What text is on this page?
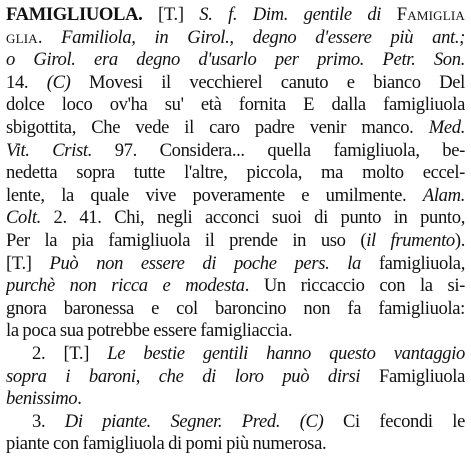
FAMIGLIUOLA. [T.] S. f. Dim. gentile di Famiglia
glia. Familiola, in Girol., degno d'essere più ant.;
o Girol. era degno d'usarlo per primo. Petr. Son.
14. (C) Movesi il vecchierel canuto e bianco Del
dolce loco ov'ha su' età fornita E dalla famigliuola
sbigottita, Che vede il caro padre venir manco. Med.
Vit. Crist. 97. Considera... quella famigliuola, be-
nedetta sopra tutte l'altre, piccola, ma molto eccel-
lente, la quale vive poveramente e umilmente. Alam.
Colt. 2. 41. Chi, negli acconci suoi di punto in punto,
Per la pia famigliuola il prende in uso (il frumento).
[T.] Può non essere di poche pers. la famigliuola,
purchè non ricca e modesta. Un riccaccio con la si-
gnora baronessa e col baroncino non fa famigliuola:
la poca sua potrebbe essere famigliaccia.
2. [T.] Le bestie gentili hanno questo vantaggio
sopra i baroni, che di loro può dirsi Famigliuola
benissimo.
3. Di piante. Segner. Pred. (C) Ci fecondi le
piante con famigliuola di pomi più numerosa.
